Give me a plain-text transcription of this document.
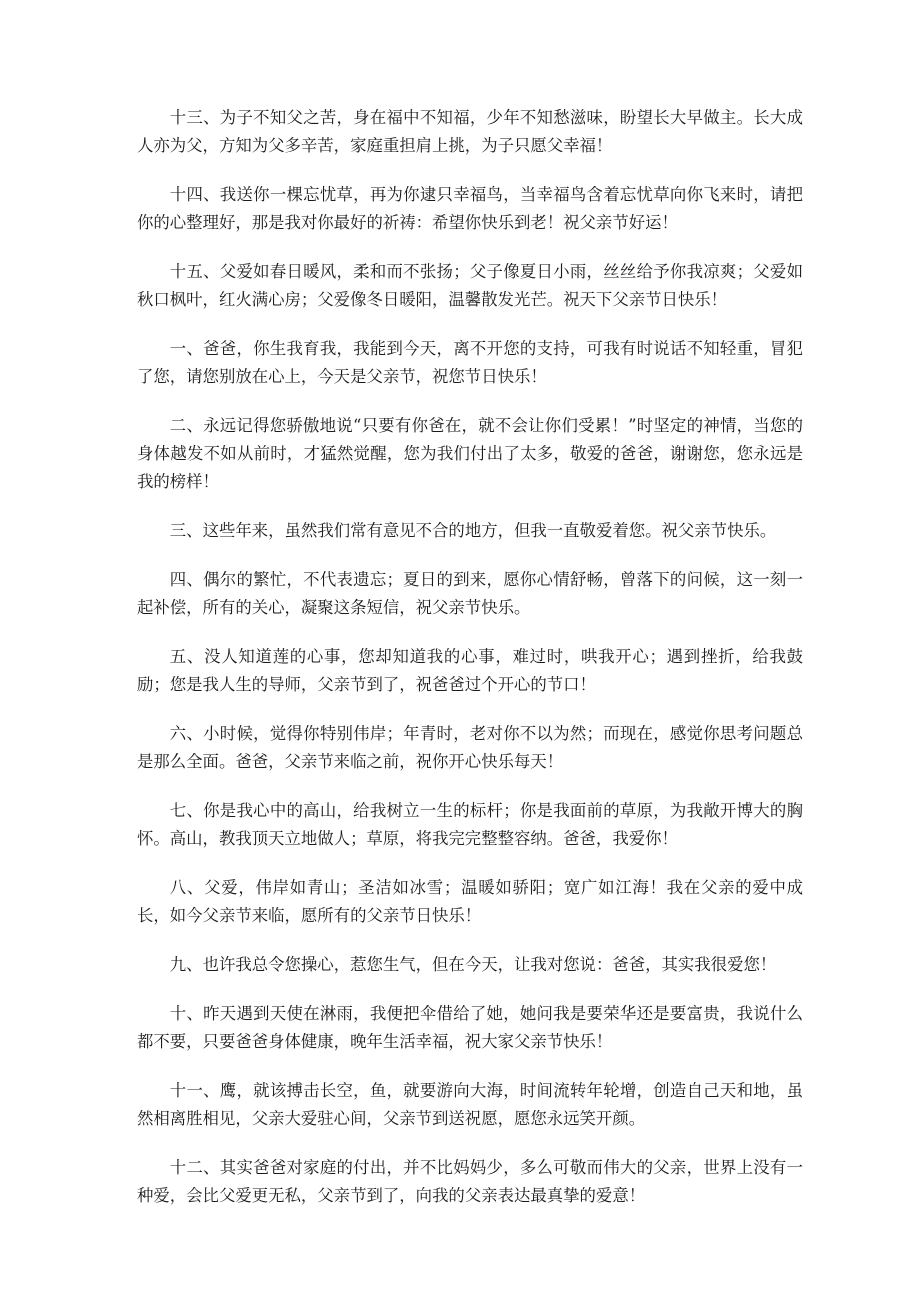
十三、为子不知父之苦，身在福中不知福，少年不知愁滋味，盼望长大早做主。长大成人亦为父，方知为父多辛苦，家庭重担肩上挑，为子只愿父幸福！

十四、我送你一棵忘忧草，再为你逮只幸福鸟，当幸福鸟含着忘忧草向你飞来时，请把你的心整理好，那是我对你最好的祈祷：希望你快乐到老！祝父亲节好运！

十五、父爱如春日暖风，柔和而不张扬；父子像夏日小雨，丝丝给予你我凉爽；父爱如秋口枫叶，红火满心房；父爱像冬日暖阳，温馨散发光芒。祝天下父亲节日快乐！

一、爸爸，你生我育我，我能到今天，离不开您的支持，可我有时说话不知轻重，冒犯了您，请您别放在心上，今天是父亲节，祝您节日快乐！

二、永远记得您骄傲地说“只要有你爸在，就不会让你们受累！”时坚定的神情，当您的身体越发不如从前时，才猛然觉醒，您为我们付出了太多，敬爱的爸爸，谢谢您，您永远是我的榜样！

三、这些年来，虽然我们常有意见不合的地方，但我一直敬爱着您。祝父亲节快乐。

四、偶尔的繁忙，不代表遗忘；夏日的到来，愿你心情舒畅，曾落下的问候，这一刻一起补偿，所有的关心，凝聚这条短信，祝父亲节快乐。

五、没人知道莲的心事，您却知道我的心事，难过时，哄我开心；遇到挫折，给我鼓励；您是我人生的导师，父亲节到了，祝爸爸过个开心的节口！

六、小时候，觉得你特别伟岸；年青时，老对你不以为然；而现在，感觉你思考问题总是那么全面。爸爸，父亲节来临之前，祝你开心快乐每天！

七、你是我心中的高山，给我树立一生的标杆；你是我面前的草原，为我敞开博大的胸怀。高山，教我顶天立地做人；草原，将我完完整整容纳。爸爸，我爱你！

八、父爱，伟岸如青山；圣洁如冰雪；温暖如骄阳；宽广如江海！我在父亲的爱中成长，如今父亲节来临，愿所有的父亲节日快乐！

九、也许我总令您操心，惹您生气，但在今天，让我对您说：爸爸，其实我很爱您！

十、昨天遇到天使在淋雨，我便把伞借给了她，她问我是要荣华还是要富贵，我说什么都不要，只要爸爸身体健康，晚年生活幸福，祝大家父亲节快乐！

十一、鹰，就该搏击长空，鱼，就要游向大海，时间流转年轮增，创造自己天和地，虽然相离胜相见，父亲大爱驻心间，父亲节到送祝愿，愿您永远笑开颜。

十二、其实爸爸对家庭的付出，并不比妈妈少，多么可敬而伟大的父亲，世界上没有一种爱，会比父爱更无私，父亲节到了，向我的父亲表达最真挚的爱意！
